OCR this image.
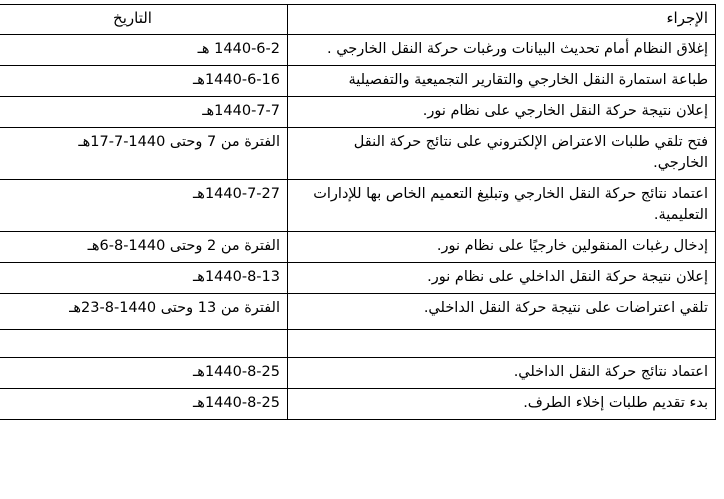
الإجراء	التاريخ
إغلاق النظام أمام تحديث البيانات ورغبات حركة النقل الخارجي .	1440-6-2 هـ
طباعة استمارة النقل الخارجي والتقارير التجميعية والتفصيلية	1440-6-16هـ
إعلان نتيجة حركة النقل الخارجي على نظام نور.	1440-7-7هـ
فتح تلقي طلبات الاعتراض الإلكتروني على نتائج حركة النقل الخارجي.	الفترة من 7 وحتى 1440-7-17هـ
اعتماد نتائج حركة النقل الخارجي وتبليغ التعميم الخاص بها للإدارات التعليمية.	1440-7-27هـ
إدخال رغبات المنقولين خارجيًا على نظام نور.	الفترة من 2 وحتى 1440-8-6هـ
إعلان نتيجة حركة النقل الداخلي على نظام نور.	1440-8-13هـ
تلقي اعتراضات على نتيجة حركة النقل الداخلي.	الفترة من 13 وحتى 1440-8-23هـ

اعتماد نتائج حركة النقل الداخلي.	1440-8-25هـ
بدء تقديم طلبات إخلاء الطرف.	1440-8-25هـ
